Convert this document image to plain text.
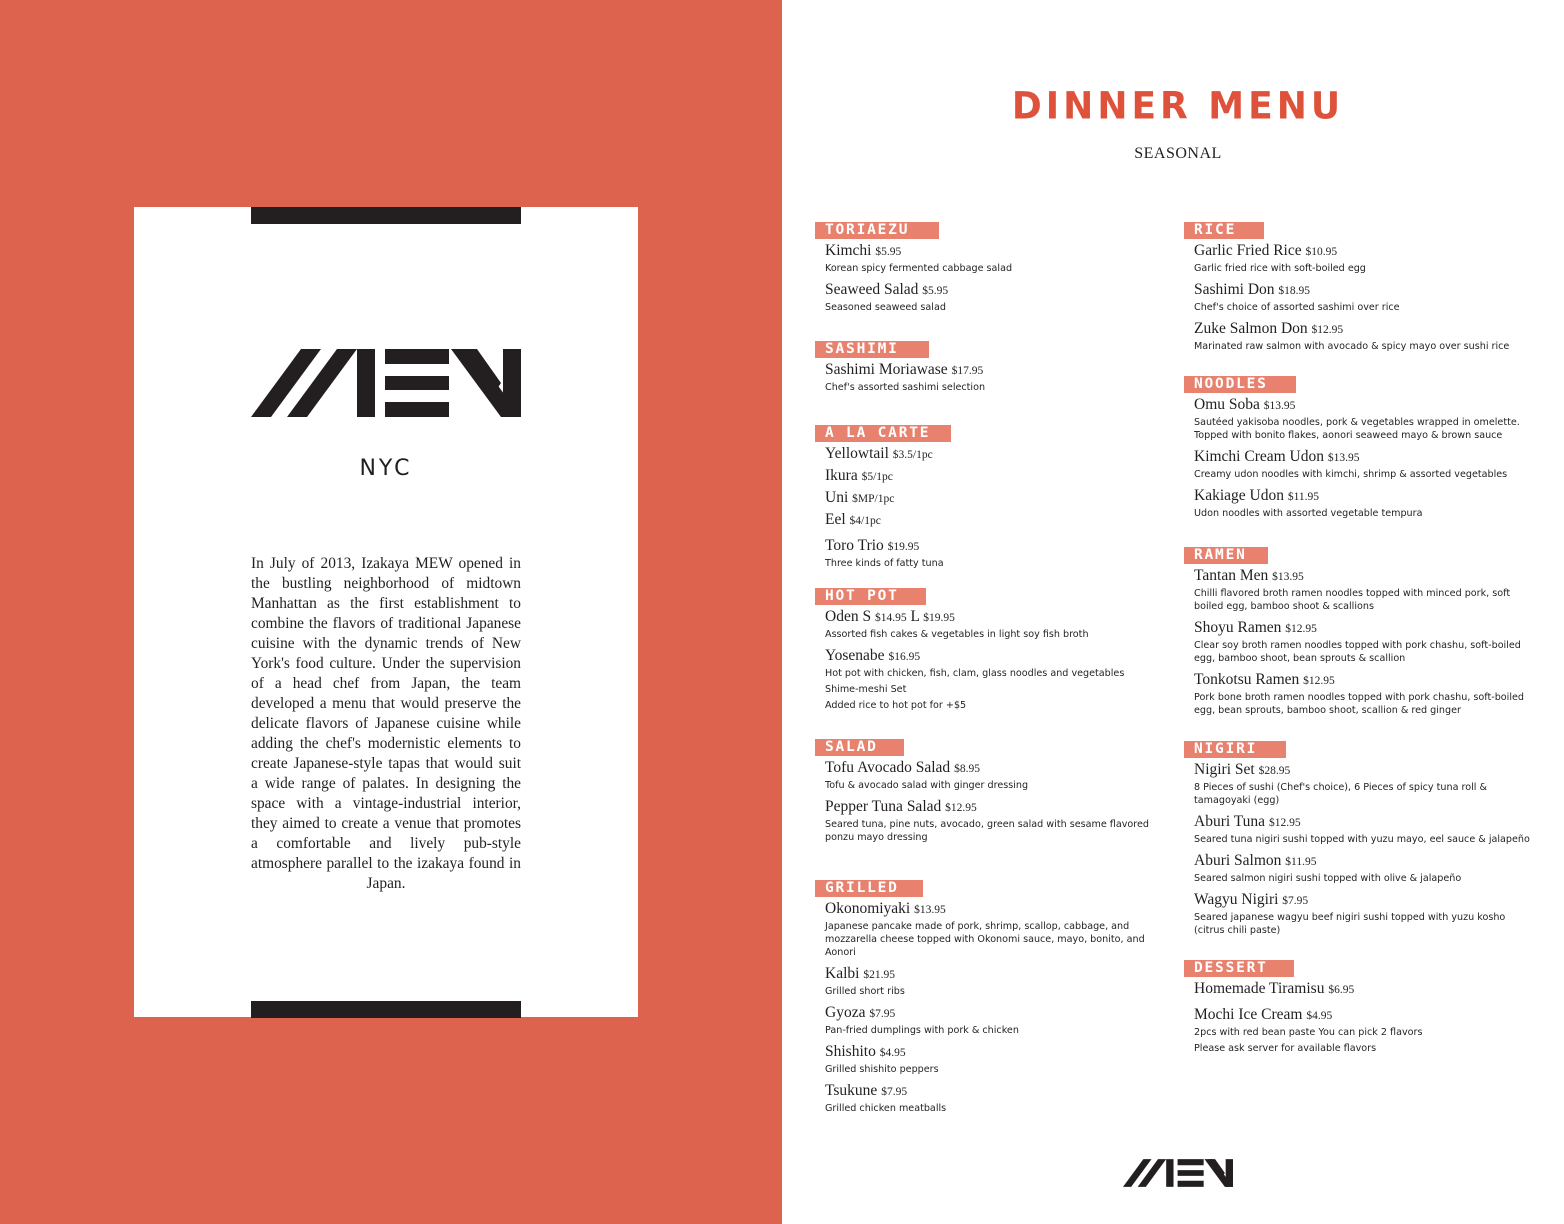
NYC

In July of 2013, Izakaya MEW opened in the bustling neighborhood of midtown Manhattan as the first establishment to combine the flavors of traditional Japanese cuisine with the dynamic trends of New York's food culture. Under the supervision of a head chef from Japan, the team developed a menu that would preserve the delicate flavors of Japanese cuisine while adding the chef's modernistic elements to create Japanese-style tapas that would suit a wide range of palates. In designing the space with a vintage-industrial interior, they aimed to create a venue that promotes a comfortable and lively pub-style atmosphere parallel to the izakaya found in Japan.

DINNER MENU

SEASONAL

TORIAEZU
Kimchi $5.95
Korean spicy fermented cabbage salad
Seaweed Salad $5.95
Seasoned seaweed salad
SASHIMI
Sashimi Moriawase $17.95
Chef's assorted sashimi selection
A LA CARTE
Yellowtail $3.5/1pc
Ikura $5/1pc
Uni $MP/1pc
Eel $4/1pc
Toro Trio $19.95
Three kinds of fatty tuna
HOT POT
Oden S $14.95 L $19.95
Assorted fish cakes & vegetables in light soy fish broth
Yosenabe $16.95
Hot pot with chicken, fish, clam, glass noodles and vegetables
Shime-meshi Set
Added rice to hot pot for +$5
SALAD
Tofu Avocado Salad $8.95
Tofu & avocado salad with ginger dressing
Pepper Tuna Salad $12.95
Seared tuna, pine nuts, avocado, green salad with sesame flavored ponzu mayo dressing
GRILLED
Okonomiyaki $13.95
Japanese pancake made of pork, shrimp, scallop, cabbage, and mozzarella cheese topped with Okonomi sauce, mayo, bonito, and Aonori
Kalbi $21.95
Grilled short ribs
Gyoza $7.95
Pan-fried dumplings with pork & chicken
Shishito $4.95
Grilled shishito peppers
Tsukune $7.95
Grilled chicken meatballs
RICE
Garlic Fried Rice $10.95
Garlic fried rice with soft-boiled egg
Sashimi Don $18.95
Chef's choice of assorted sashimi over rice
Zuke Salmon Don $12.95
Marinated raw salmon with avocado & spicy mayo over sushi rice
NOODLES
Omu Soba $13.95
Sautéed yakisoba noodles, pork & vegetables wrapped in omelette. Topped with bonito flakes, aonori seaweed mayo & brown sauce
Kimchi Cream Udon $13.95
Creamy udon noodles with kimchi, shrimp & assorted vegetables
Kakiage Udon $11.95
Udon noodles with assorted vegetable tempura
RAMEN
Tantan Men $13.95
Chilli flavored broth ramen noodles topped with minced pork, soft boiled egg, bamboo shoot & scallions
Shoyu Ramen $12.95
Clear soy broth ramen noodles topped with pork chashu, soft-boiled egg, bamboo shoot, bean sprouts & scallion
Tonkotsu Ramen $12.95
Pork bone broth ramen noodles topped with pork chashu, soft-boiled egg, bean sprouts, bamboo shoot, scallion & red ginger
NIGIRI
Nigiri Set $28.95
8 Pieces of sushi (Chef's choice), 6 Pieces of spicy tuna roll & tamagoyaki (egg)
Aburi Tuna $12.95
Seared tuna nigiri sushi topped with yuzu mayo, eel sauce & jalapeño
Aburi Salmon $11.95
Seared salmon nigiri sushi topped with olive & jalapeño
Wagyu Nigiri $7.95
Seared japanese wagyu beef nigiri sushi topped with yuzu kosho (citrus chili paste)
DESSERT
Homemade Tiramisu $6.95
Mochi Ice Cream $4.95
2pcs with red bean paste You can pick 2 flavors
Please ask server for available flavors
